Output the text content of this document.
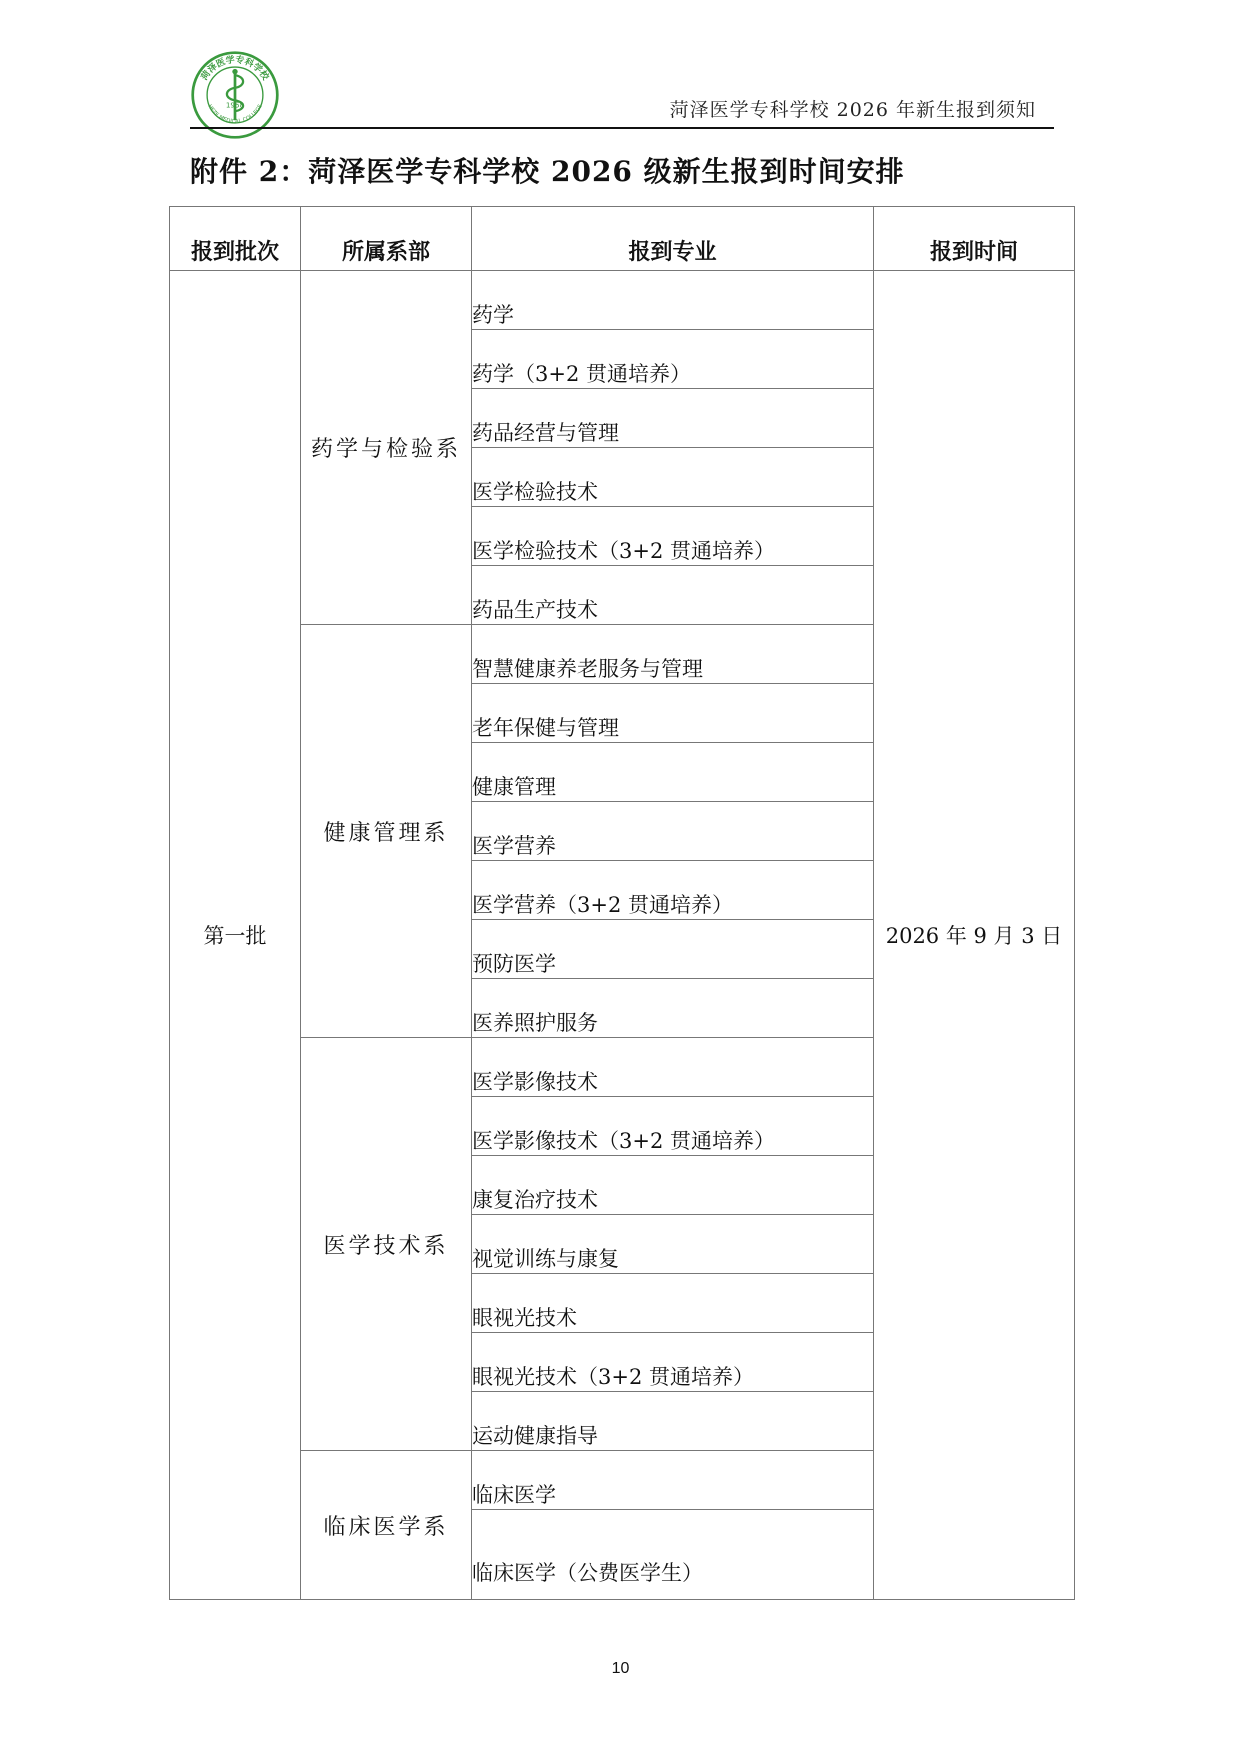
菏泽医学专科学校
HEZE MEDICAL COLLEGE
1958	菏泽医学专科学校 2026 年新生报到须知
附件 2：菏泽医学专科学校 2026 级新生报到时间安排
报到批次	所属系部	报到专业	报到时间
第一批	药学与检验系	药学	2026 年 9 月 3 日
		药学（3+2 贯通培养）	
		药品经营与管理	
		医学检验技术	
		医学检验技术（3+2 贯通培养）	
		药品生产技术	
	健康管理系	智慧健康养老服务与管理	
		老年保健与管理	
		健康管理	
		医学营养	
		医学营养（3+2 贯通培养）	
		预防医学	
		医养照护服务	
	医学技术系	医学影像技术	
		医学影像技术（3+2 贯通培养）	
		康复治疗技术	
		视觉训练与康复	
		眼视光技术	
		眼视光技术（3+2 贯通培养）	
		运动健康指导	
	临床医学系	临床医学	
		临床医学（公费医学生）	
10
